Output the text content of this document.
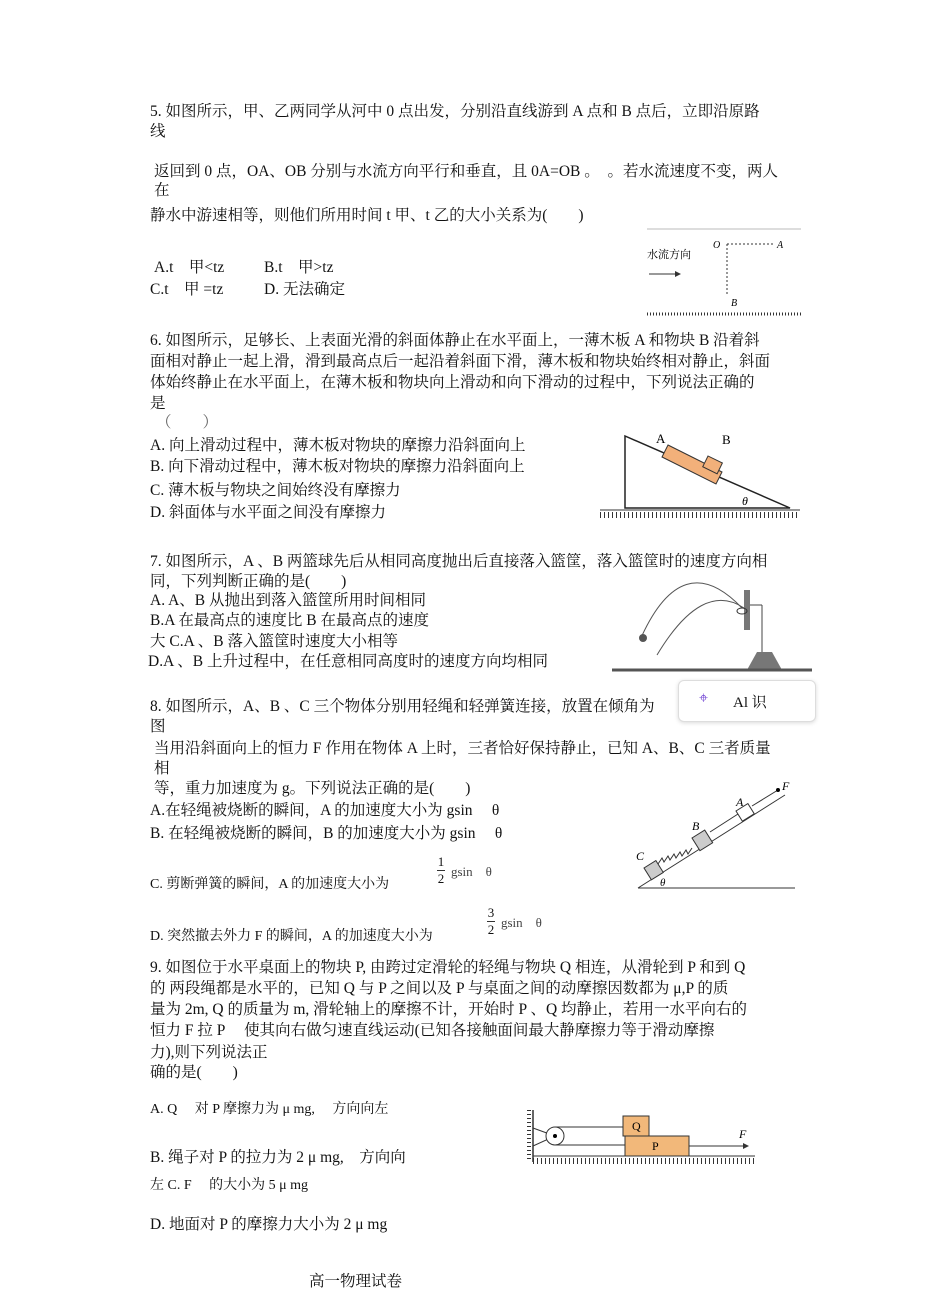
5. 如图所示，甲、乙两同学从河中 0 点出发，分别沿直线游到 A 点和 B 点后，立即沿原路
线
返回到 0 点，OA、OB 分别与水流方向平行和垂直，且 0A=OB 。　。若水流速度不变，两人
在
静水中游速相等，则他们所用时间 t 甲、t 乙的大小关系为(　　)
A.t　甲<tz	B.t　甲>tz
C.t　甲 =tz	D. 无法确定
水流方向
O	A
B
6. 如图所示，足够长、上表面光滑的斜面体静止在水平面上，一薄木板 A 和物块 B 沿着斜
面相对静止一起上滑，滑到最高点后一起沿着斜面下滑，薄木板和物块始终相对静止，斜面
体始终静止在水平面上，在薄木板和物块向上滑动和向下滑动的过程中，下列说法正确的
是
（　　）
A. 向上滑动过程中，薄木板对物块的摩擦力沿斜面向上
B. 向下滑动过程中，薄木板对物块的摩擦力沿斜面向上
C. 薄木板与物块之间始终没有摩擦力
D. 斜面体与水平面之间没有摩擦力
A	B
θ
7. 如图所示，A 、B 两篮球先后从相同高度抛出后直接落入篮筐，落入篮筐时的速度方向相
同，下列判断正确的是(　　)
A. A、B 从抛出到落入篮筐所用时间相同
B.A 在最高点的速度比 B 在最高点的速度
大 C.A 、B 落入篮筐时速度大小相等
D.A 、B 上升过程中，在任意相同高度时的速度方向均相同
⌖ Al 识
8. 如图所示，A、B 、C 三个物体分别用轻绳和轻弹簧连接，放置在倾角为
图
当用沿斜面向上的恒力 F 作用在物体 A 上时，三者恰好保持静止，已知 A、B、C 三者质量
相
等，重力加速度为 g。下列说法正确的是(　　)
A.在轻绳被烧断的瞬间，A 的加速度大小为 gsin　 θ
B. 在轻绳被烧断的瞬间，B 的加速度大小为 gsin　 θ
C. 剪断弹簧的瞬间，A 的加速度大小为
1
2 gsin　θ
D. 突然撤去外力 F 的瞬间，A 的加速度大小为
3
2 gsin　θ
C
B
A
F
θ
9. 如图位于水平桌面上的物块 P, 由跨过定滑轮的轻绳与物块 Q 相连，从滑轮到 P 和到 Q
的 两段绳都是水平的，已知 Q 与 P 之间以及 P 与桌面之间的动摩擦因数都为 μ,P 的质
量为 2m, Q 的质量为 m, 滑轮轴上的摩擦不计，开始时 P 、Q 均静止，若用一水平向右的
恒力 F 拉 P　 使其向右做匀速直线运动(已知各接触面间最大静摩擦力等于滑动摩擦
力),则下列说法正
确的是(　　)
A. Q　 对 P 摩擦力为 μ mg,　 方向向左
B. 绳子对 P 的拉力为 2 μ mg,　方向向
左 C. F　 的大小为 5 μ mg
D. 地面对 P 的摩擦力大小为 2 μ mg
Q
P
F
高一物理试卷
